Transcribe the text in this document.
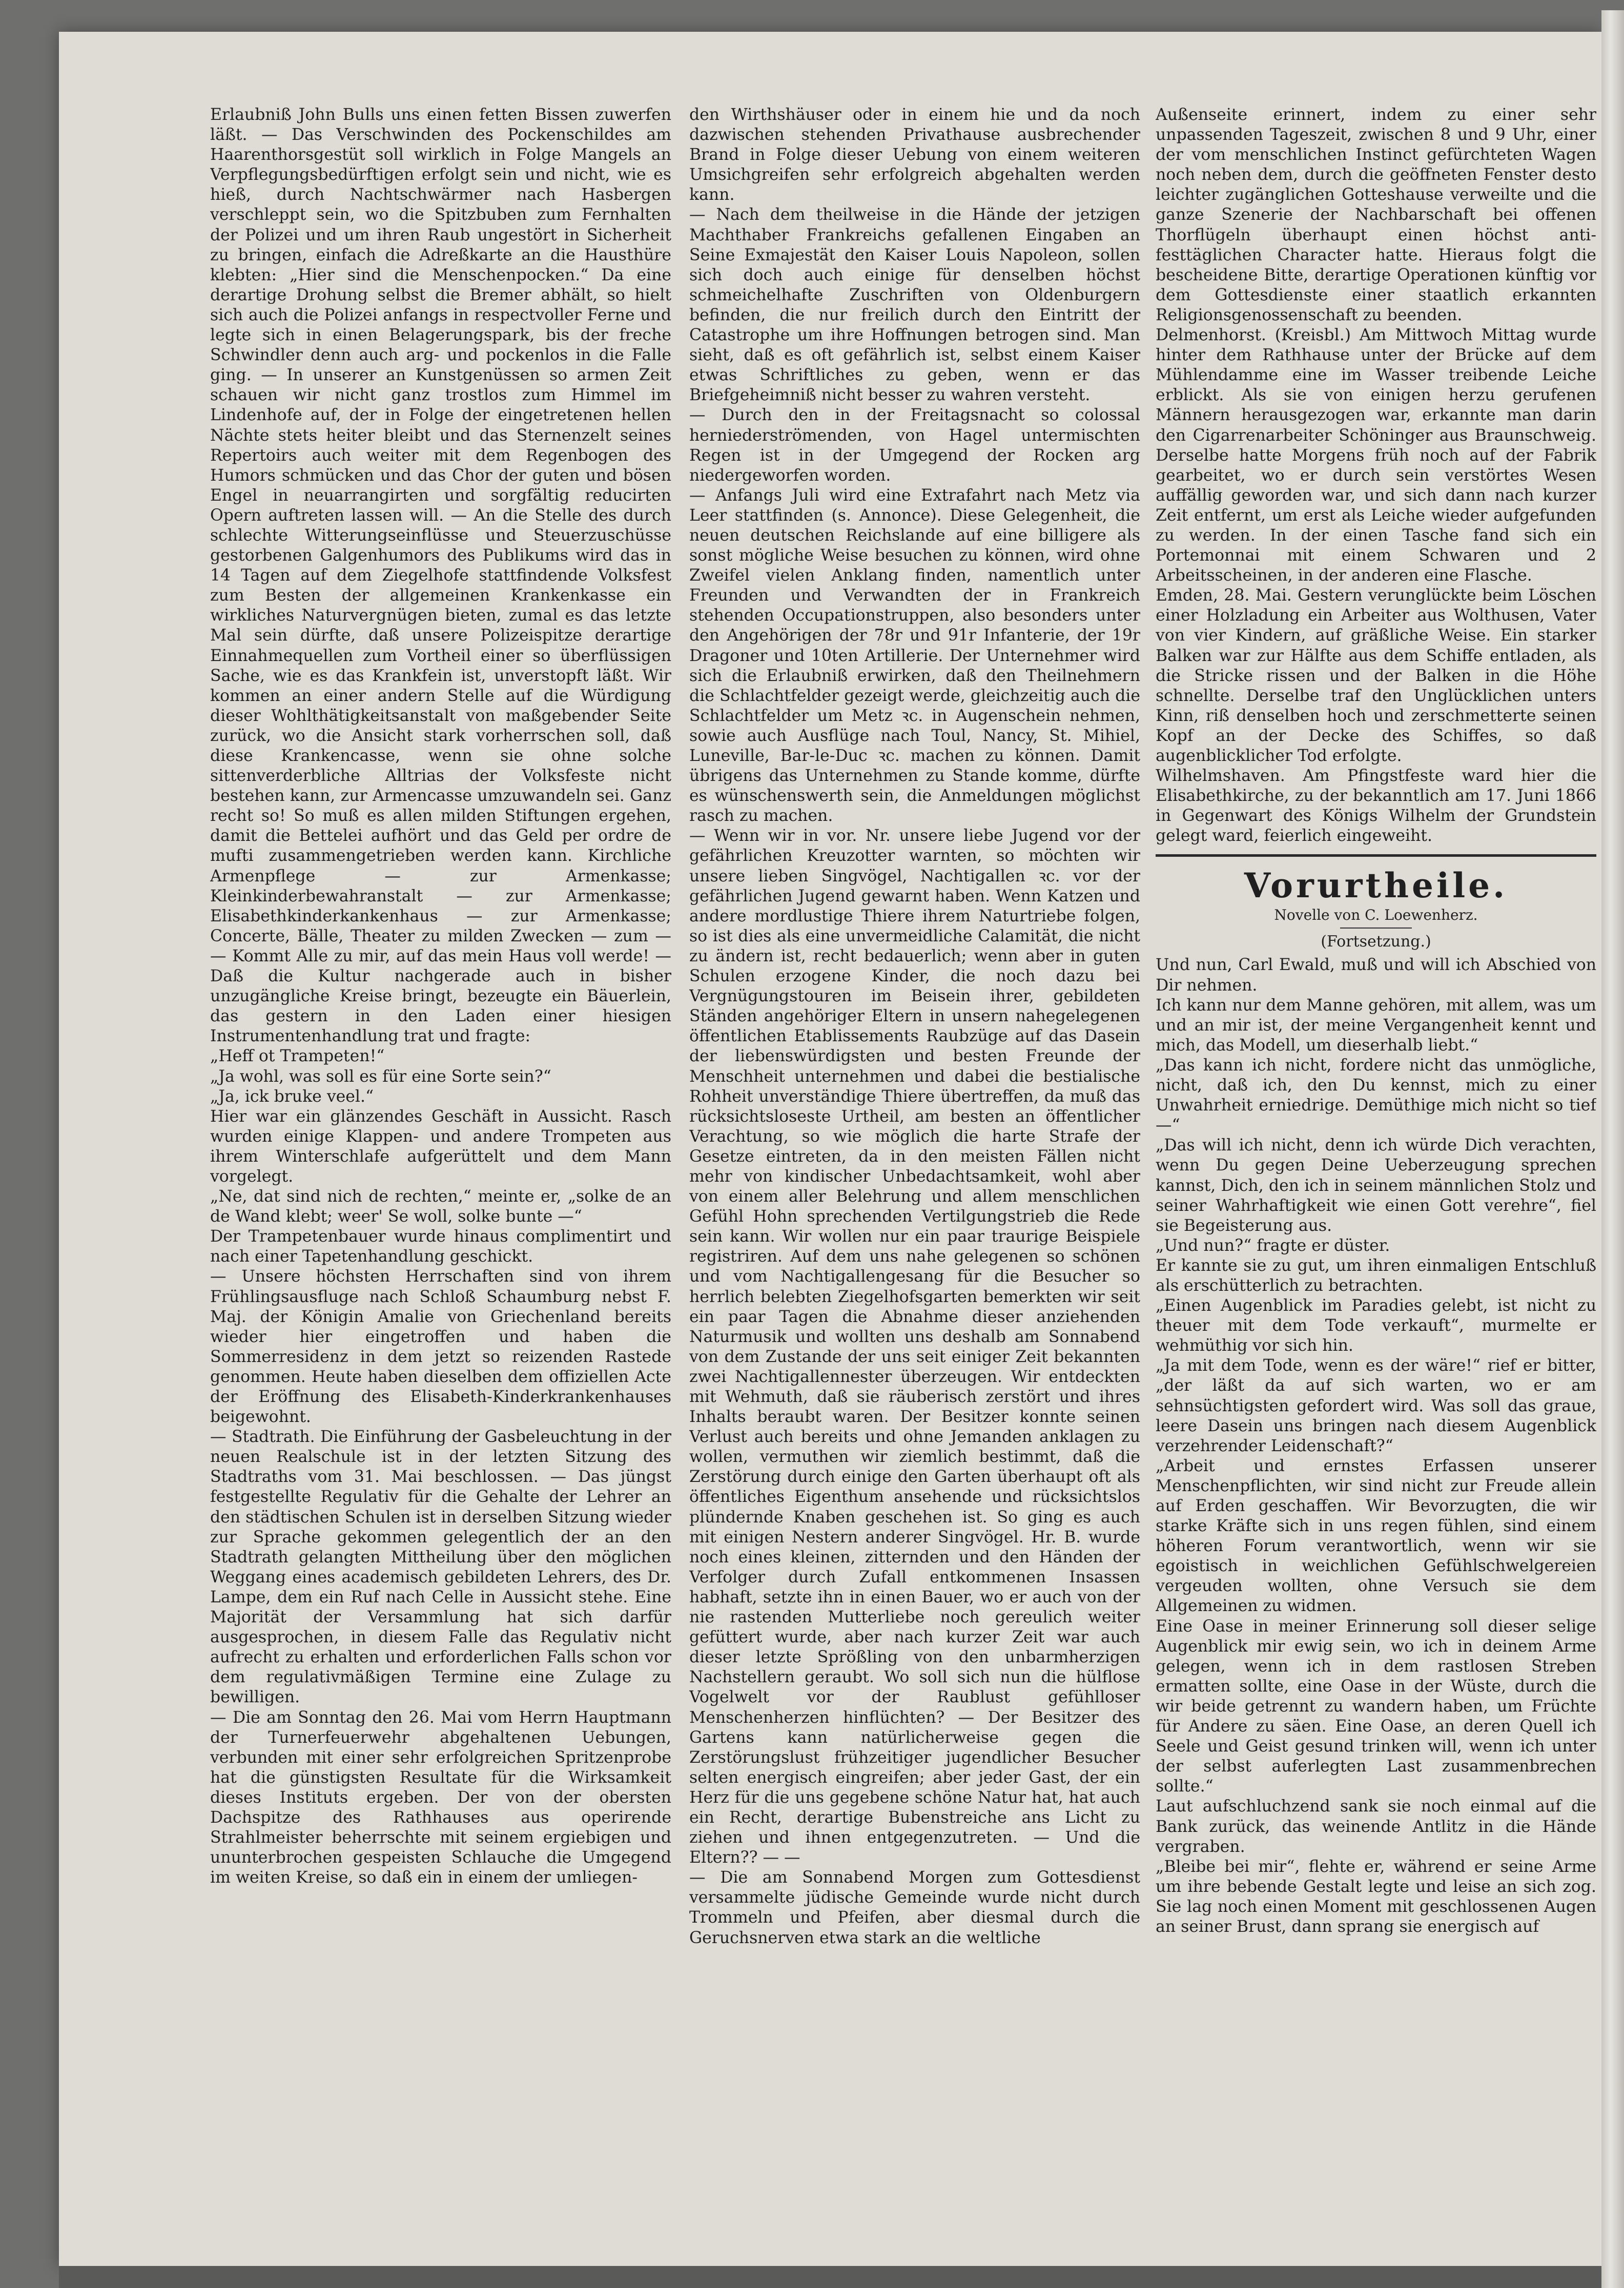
Erlaubniß John Bulls uns einen fetten Bissen zuwerfen läßt. — Das Verschwinden des Pockenschildes am Haarenthorsgestüt soll wirklich in Folge Mangels an Verpflegungsbedürftigen erfolgt sein und nicht, wie es hieß, durch Nachtschwärmer nach Hasbergen verschleppt sein, wo die Spitzbuben zum Fernhalten der Polizei und um ihren Raub ungestört in Sicherheit zu bringen, einfach die Adreßkarte an die Hausthüre klebten: „Hier sind die Menschenpocken.“ Da eine derartige Drohung selbst die Bremer abhält, so hielt sich auch die Polizei anfangs in respectvoller Ferne und legte sich in einen Belagerungspark, bis der freche Schwindler denn auch arg- und pockenlos in die Falle ging. — In unserer an Kunstgenüssen so armen Zeit schauen wir nicht ganz trostlos zum Himmel im Lindenhofe auf, der in Folge der eingetretenen hellen Nächte stets heiter bleibt und das Sternenzelt seines Repertoirs auch weiter mit dem Regenbogen des Humors schmücken und das Chor der guten und bösen Engel in neuarrangirten und sorgfältig reducirten Opern auftreten lassen will. — An die Stelle des durch schlechte Witterungseinflüsse und Steuerzuschüsse gestorbenen Galgenhumors des Publikums wird das in 14 Tagen auf dem Ziegelhofe stattfindende Volksfest zum Besten der allgemeinen Krankenkasse ein wirkliches Naturvergnügen bieten, zumal es das letzte Mal sein dürfte, daß unsere Polizeispitze derartige Einnahmequellen zum Vortheil einer so überflüssigen Sache, wie es das Krankfein ist, unverstopft läßt. Wir kommen an einer andern Stelle auf die Würdigung dieser Wohlthätigkeitsanstalt von maßgebender Seite zurück, wo die Ansicht stark vorherrschen soll, daß diese Krankencasse, wenn sie ohne solche sittenverderbliche Alltrias der Volksfeste nicht bestehen kann, zur Armencasse umzuwandeln sei. Ganz recht so! So muß es allen milden Stiftungen ergehen, damit die Bettelei aufhört und das Geld per ordre de mufti zusammengetrieben werden kann. Kirchliche Armenpflege — zur Armenkasse; Kleinkinderbewahranstalt — zur Armenkasse; Elisabethkinderkankenhaus — zur Armenkasse; Concerte, Bälle, Theater zu milden Zwecken — zum — — Kommt Alle zu mir, auf das mein Haus voll werde! — Daß die Kultur nachgerade auch in bisher unzugängliche Kreise bringt, bezeugte ein Bäuerlein, das gestern in den Laden einer hiesigen Instrumentenhandlung trat und fragte:

„Heff ot Trampeten!“

„Ja wohl, was soll es für eine Sorte sein?“

„Ja, ick bruke veel.“

Hier war ein glänzendes Geschäft in Aussicht. Rasch wurden einige Klappen- und andere Trompeten aus ihrem Winterschlafe aufgerüttelt und dem Mann vorgelegt.

„Ne, dat sind nich de rechten,“ meinte er, „solke de an de Wand klebt; weer' Se woll, solke bunte —“

Der Trampetenbauer wurde hinaus complimentirt und nach einer Tapetenhandlung geschickt.

— Unsere höchsten Herrschaften sind von ihrem Frühlingsausfluge nach Schloß Schaumburg nebst F. Maj. der Königin Amalie von Griechenland bereits wieder hier eingetroffen und haben die Sommerresidenz in dem jetzt so reizenden Rastede genommen. Heute haben dieselben dem offiziellen Acte der Eröffnung des Elisabeth-Kinderkrankenhauses beigewohnt.

— Stadtrath. Die Einführung der Gasbeleuchtung in der neuen Realschule ist in der letzten Sitzung des Stadtraths vom 31. Mai beschlossen. — Das jüngst festgestellte Regulativ für die Gehalte der Lehrer an den städtischen Schulen ist in derselben Sitzung wieder zur Sprache gekommen gelegentlich der an den Stadtrath gelangten Mittheilung über den möglichen Weggang eines academisch gebildeten Lehrers, des Dr. Lampe, dem ein Ruf nach Celle in Aussicht stehe. Eine Majorität der Versammlung hat sich darfür ausgesprochen, in diesem Falle das Regulativ nicht aufrecht zu erhalten und erforderlichen Falls schon vor dem regulativmäßigen Termine eine Zulage zu bewilligen.

— Die am Sonntag den 26. Mai vom Herrn Hauptmann der Turnerfeuerwehr abgehaltenen Uebungen, verbunden mit einer sehr erfolgreichen Spritzenprobe hat die günstigsten Resultate für die Wirksamkeit dieses Instituts ergeben. Der von der obersten Dachspitze des Rathhauses aus operirende Strahlmeister beherrschte mit seinem ergiebigen und ununterbrochen gespeisten Schlauche die Umgegend im weiten Kreise, so daß ein in einem der umliegen-

den Wirthshäuser oder in einem hie und da noch dazwischen stehenden Privathause ausbrechender Brand in Folge dieser Uebung von einem weiteren Umsichgreifen sehr erfolgreich abgehalten werden kann.

— Nach dem theilweise in die Hände der jetzigen Machthaber Frankreichs gefallenen Eingaben an Seine Exmajestät den Kaiser Louis Napoleon, sollen sich doch auch einige für denselben höchst schmeichelhafte Zuschriften von Oldenburgern befinden, die nur freilich durch den Eintritt der Catastrophe um ihre Hoffnungen betrogen sind. Man sieht, daß es oft gefährlich ist, selbst einem Kaiser etwas Schriftliches zu geben, wenn er das Briefgeheimniß nicht besser zu wahren versteht.

— Durch den in der Freitagsnacht so colossal herniederströmenden, von Hagel untermischten Regen ist in der Umgegend der Rocken arg niedergeworfen worden.

— Anfangs Juli wird eine Extrafahrt nach Metz via Leer stattfinden (s. Annonce). Diese Gelegenheit, die neuen deutschen Reichslande auf eine billigere als sonst mögliche Weise besuchen zu können, wird ohne Zweifel vielen Anklang finden, namentlich unter Freunden und Verwandten der in Frankreich stehenden Occupationstruppen, also besonders unter den Angehörigen der 78r und 91r Infanterie, der 19r Dragoner und 10ten Artillerie. Der Unternehmer wird sich die Erlaubniß erwirken, daß den Theilnehmern die Schlachtfelder gezeigt werde, gleichzeitig auch die Schlachtfelder um Metz ꝛc. in Augenschein nehmen, sowie auch Ausflüge nach Toul, Nancy, St. Mihiel, Luneville, Bar-le-Duc ꝛc. machen zu können. Damit übrigens das Unternehmen zu Stande komme, dürfte es wünschenswerth sein, die Anmeldungen möglichst rasch zu machen.

— Wenn wir in vor. Nr. unsere liebe Jugend vor der gefährlichen Kreuzotter warnten, so möchten wir unsere lieben Singvögel, Nachtigallen ꝛc. vor der gefährlichen Jugend gewarnt haben. Wenn Katzen und andere mordlustige Thiere ihrem Naturtriebe folgen, so ist dies als eine unvermeidliche Calamität, die nicht zu ändern ist, recht bedauerlich; wenn aber in guten Schulen erzogene Kinder, die noch dazu bei Vergnügungstouren im Beisein ihrer, gebildeten Ständen angehöriger Eltern in unsern nahegelegenen öffentlichen Etablissements Raubzüge auf das Dasein der liebenswürdigsten und besten Freunde der Menschheit unternehmen und dabei die bestialische Rohheit unverständige Thiere übertreffen, da muß das rücksichtsloseste Urtheil, am besten an öffentlicher Verachtung, so wie möglich die harte Strafe der Gesetze eintreten, da in den meisten Fällen nicht mehr von kindischer Unbedachtsamkeit, wohl aber von einem aller Belehrung und allem menschlichen Gefühl Hohn sprechenden Vertilgungstrieb die Rede sein kann. Wir wollen nur ein paar traurige Beispiele registriren. Auf dem uns nahe gelegenen so schönen und vom Nachtigallengesang für die Besucher so herrlich belebten Ziegelhofsgarten bemerkten wir seit ein paar Tagen die Abnahme dieser anziehenden Naturmusik und wollten uns deshalb am Sonnabend von dem Zustande der uns seit einiger Zeit bekannten zwei Nachtigallennester überzeugen. Wir entdeckten mit Wehmuth, daß sie räuberisch zerstört und ihres Inhalts beraubt waren. Der Besitzer konnte seinen Verlust auch bereits und ohne Jemanden anklagen zu wollen, vermuthen wir ziemlich bestimmt, daß die Zerstörung durch einige den Garten überhaupt oft als öffentliches Eigenthum ansehende und rücksichtslos plündernde Knaben geschehen ist. So ging es auch mit einigen Nestern anderer Singvögel. Hr. B. wurde noch eines kleinen, zitternden und den Händen der Verfolger durch Zufall entkommenen Insassen habhaft, setzte ihn in einen Bauer, wo er auch von der nie rastenden Mutterliebe noch gereulich weiter gefüttert wurde, aber nach kurzer Zeit war auch dieser letzte Sprößling von den unbarmherzigen Nachstellern geraubt. Wo soll sich nun die hülflose Vogelwelt vor der Raublust gefühlloser Menschenherzen hinflüchten? — Der Besitzer des Gartens kann natürlicherweise gegen die Zerstörungslust frühzeitiger jugendlicher Besucher selten energisch eingreifen; aber jeder Gast, der ein Herz für die uns gegebene schöne Natur hat, hat auch ein Recht, derartige Bubenstreiche ans Licht zu ziehen und ihnen entgegenzutreten. — Und die Eltern?? — —

— Die am Sonnabend Morgen zum Gottesdienst versammelte jüdische Gemeinde wurde nicht durch Trommeln und Pfeifen, aber diesmal durch die Geruchsnerven etwa stark an die weltliche

Außenseite erinnert, indem zu einer sehr unpassenden Tageszeit, zwischen 8 und 9 Uhr, einer der vom menschlichen Instinct gefürchteten Wagen noch neben dem, durch die geöffneten Fenster desto leichter zugänglichen Gotteshause verweilte und die ganze Szenerie der Nachbarschaft bei offenen Thorflügeln überhaupt einen höchst anti-festtäglichen Character hatte. Hieraus folgt die bescheidene Bitte, derartige Operationen künftig vor dem Gottesdienste einer staatlich erkannten Religionsgenossenschaft zu beenden.

Delmenhorst. (Kreisbl.) Am Mittwoch Mittag wurde hinter dem Rathhause unter der Brücke auf dem Mühlendamme eine im Wasser treibende Leiche erblickt. Als sie von einigen herzu gerufenen Männern herausgezogen war, erkannte man darin den Cigarrenarbeiter Schöninger aus Braunschweig. Derselbe hatte Morgens früh noch auf der Fabrik gearbeitet, wo er durch sein verstörtes Wesen auffällig geworden war, und sich dann nach kurzer Zeit entfernt, um erst als Leiche wieder aufgefunden zu werden. In der einen Tasche fand sich ein Portemonnai mit einem Schwaren und 2 Arbeitsscheinen, in der anderen eine Flasche.

Emden, 28. Mai. Gestern verunglückte beim Löschen einer Holzladung ein Arbeiter aus Wolthusen, Vater von vier Kindern, auf gräßliche Weise. Ein starker Balken war zur Hälfte aus dem Schiffe entladen, als die Stricke rissen und der Balken in die Höhe schnellte. Derselbe traf den Unglücklichen unters Kinn, riß denselben hoch und zerschmetterte seinen Kopf an der Decke des Schiffes, so daß augenblicklicher Tod erfolgte.

Wilhelmshaven. Am Pfingstfeste ward hier die Elisabethkirche, zu der bekanntlich am 17. Juni 1866 in Gegenwart des Königs Wilhelm der Grundstein gelegt ward, feierlich eingeweiht.

Vorurtheile.
Novelle von C. Loewenherz.
(Fortsetzung.)

Und nun, Carl Ewald, muß und will ich Abschied von Dir nehmen.

Ich kann nur dem Manne gehören, mit allem, was um und an mir ist, der meine Vergangenheit kennt und mich, das Modell, um dieserhalb liebt.“

„Das kann ich nicht, fordere nicht das unmögliche, nicht, daß ich, den Du kennst, mich zu einer Unwahrheit erniedrige. Demüthige mich nicht so tief —“

„Das will ich nicht, denn ich würde Dich verachten, wenn Du gegen Deine Ueberzeugung sprechen kannst, Dich, den ich in seinem männlichen Stolz und seiner Wahrhaftigkeit wie einen Gott verehre“, fiel sie Begeisterung aus.

„Und nun?“ fragte er düster.

Er kannte sie zu gut, um ihren einmaligen Entschluß als erschütterlich zu betrachten.

„Einen Augenblick im Paradies gelebt, ist nicht zu theuer mit dem Tode verkauft“, murmelte er wehmüthig vor sich hin.

„Ja mit dem Tode, wenn es der wäre!“ rief er bitter, „der läßt da auf sich warten, wo er am sehnsüchtigsten gefordert wird. Was soll das graue, leere Dasein uns bringen nach diesem Augenblick verzehrender Leidenschaft?“

„Arbeit und ernstes Erfassen unserer Menschenpflichten, wir sind nicht zur Freude allein auf Erden geschaffen. Wir Bevorzugten, die wir starke Kräfte sich in uns regen fühlen, sind einem höheren Forum verantwortlich, wenn wir sie egoistisch in weichlichen Gefühlschwelgereien vergeuden wollten, ohne Versuch sie dem Allgemeinen zu widmen.

Eine Oase in meiner Erinnerung soll dieser selige Augenblick mir ewig sein, wo ich in deinem Arme gelegen, wenn ich in dem rastlosen Streben ermatten sollte, eine Oase in der Wüste, durch die wir beide getrennt zu wandern haben, um Früchte für Andere zu säen. Eine Oase, an deren Quell ich Seele und Geist gesund trinken will, wenn ich unter der selbst auferlegten Last zusammenbrechen sollte.“

Laut aufschluchzend sank sie noch einmal auf die Bank zurück, das weinende Antlitz in die Hände vergraben.

„Bleibe bei mir“, flehte er, während er seine Arme um ihre bebende Gestalt legte und leise an sich zog. Sie lag noch einen Moment mit geschlossenen Augen an seiner Brust, dann sprang sie energisch auf
